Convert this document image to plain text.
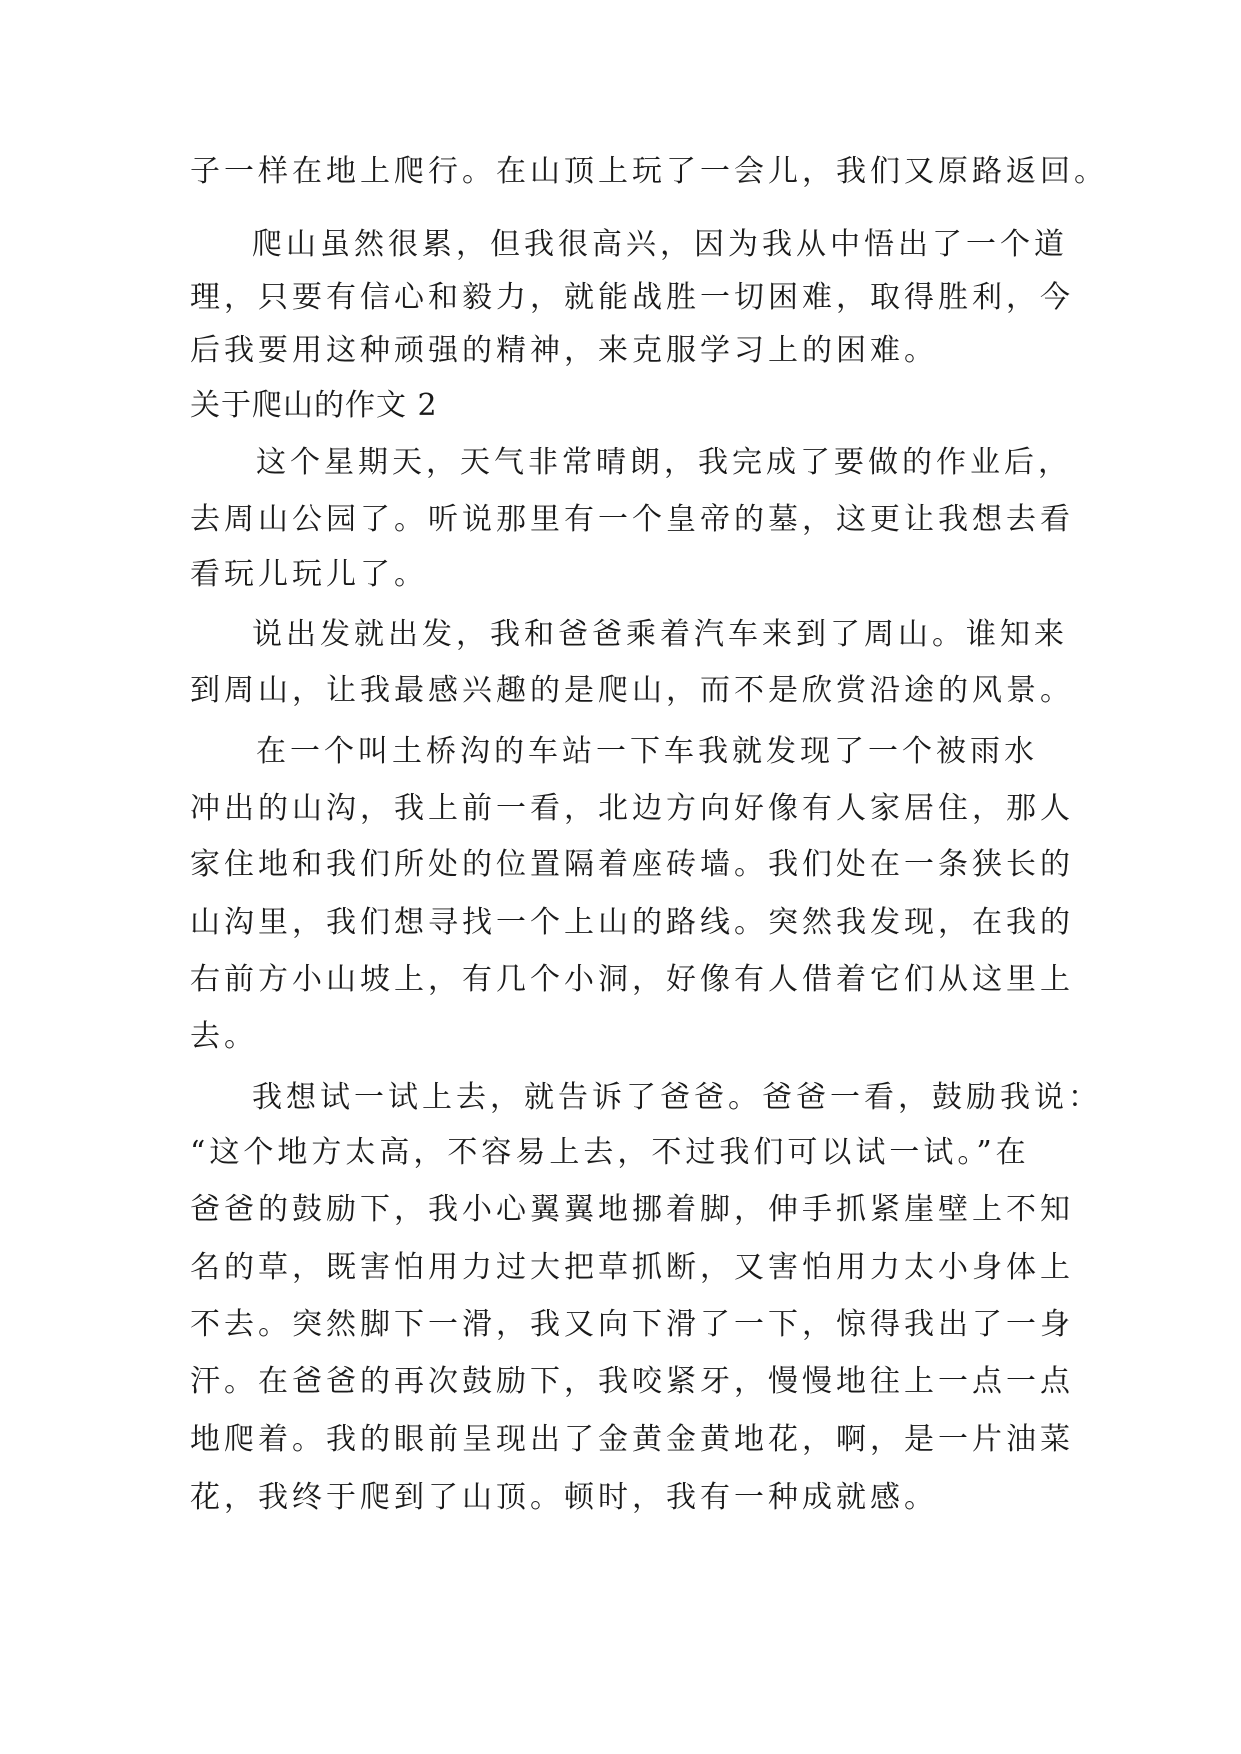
子一样在地上爬行。在山顶上玩了一会儿，我们又原路返回。
爬山虽然很累，但我很高兴，因为我从中悟出了一个道
理，只要有信心和毅力，就能战胜一切困难，取得胜利，今
后我要用这种顽强的精神，来克服学习上的困难。
关于爬山的作文 2
这个星期天，天气非常晴朗，我完成了要做的作业后，
去周山公园了。听说那里有一个皇帝的墓，这更让我想去看
看玩儿玩儿了。
说出发就出发，我和爸爸乘着汽车来到了周山。谁知来
到周山，让我最感兴趣的是爬山，而不是欣赏沿途的风景。
在一个叫土桥沟的车站一下车我就发现了一个被雨水
冲出的山沟，我上前一看，北边方向好像有人家居住，那人
家住地和我们所处的位置隔着座砖墙。我们处在一条狭长的
山沟里，我们想寻找一个上山的路线。突然我发现，在我的
右前方小山坡上，有几个小洞，好像有人借着它们从这里上
去。
我想试一试上去，就告诉了爸爸。爸爸一看，鼓励我说：
“这个地方太高，不容易上去，不过我们可以试一试。”在
爸爸的鼓励下，我小心翼翼地挪着脚，伸手抓紧崖壁上不知
名的草，既害怕用力过大把草抓断，又害怕用力太小身体上
不去。突然脚下一滑，我又向下滑了一下，惊得我出了一身
汗。在爸爸的再次鼓励下，我咬紧牙，慢慢地往上一点一点
地爬着。我的眼前呈现出了金黄金黄地花，啊，是一片油菜
花，我终于爬到了山顶。顿时，我有一种成就感。
